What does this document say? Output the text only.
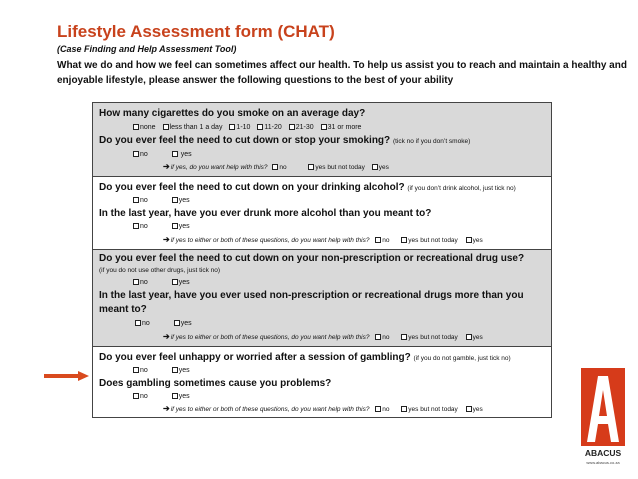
Lifestyle Assessment form (CHAT)
(Case Finding and Help Assessment Tool)
What we do and how we feel can sometimes affect our health. To help us assist you to reach and maintain a healthy and enjoyable lifestyle, please answer the following questions to the best of your ability
How many cigarettes do you smoke on an average day?
none less than 1 a day 1-10 11-20 21-30 31 or more
Do you ever feel the need to cut down or stop your smoking? (tick no if you don’t smoke)
no	yes
➔if yes, do you want help with this? no	yes but not today yes
Do you ever feel the need to cut down on your drinking alcohol? (if you don’t drink alcohol, just tick no)
no	yes
In the last year, have you ever drunk more alcohol than you meant to?
no	yes
➔if yes to either or both of these questions, do you want help with this? no	yes but not today yes
Do you ever feel the need to cut down on your non-prescription or recreational drug use?
(if you do not use other drugs, just tick no)
no	yes
In the last year, have you ever used non-prescription or recreational drugs more than you
meant to?
no	yes
➔if yes to either or both of these questions, do you want help with this? no	yes but not today yes
Do you ever feel unhappy or worried after a session of gambling? (if you do not gamble, just tick no)
no	yes
Does gambling sometimes cause you problems?
no	yes
➔if yes to either or both of these questions, do you want help with this? no	yes but not today yes
ABACUS
www.abacus.co.za
